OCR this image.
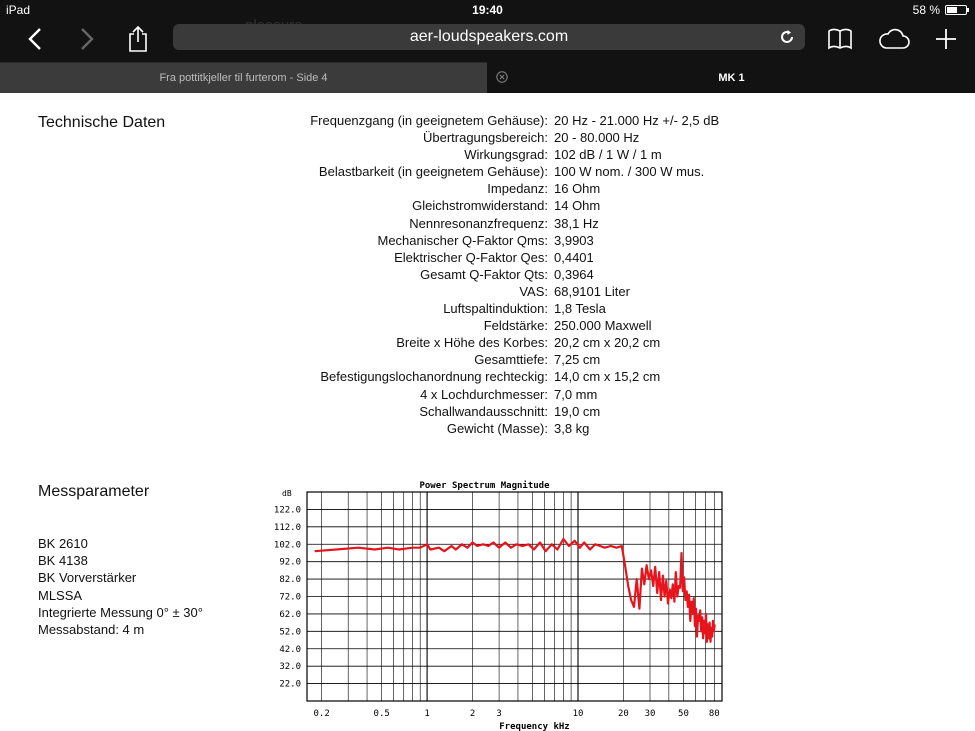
iPad	19:40	58 %
aer-loudspeakers.com
Fra pottitkjeller til furterom - Side 4	MK 1
Technische Daten	Frequenzgang (in geeignetem Gehäuse): 20 Hz - 21.000 Hz +/- 2,5 dB
Übertragungsbereich: 20 - 80.000 Hz
Wirkungsgrad: 102 dB / 1 W / 1 m
Belastbarkeit (in geeignetem Gehäuse): 100 W nom. / 300 W mus.
Impedanz: 16 Ohm
Gleichstromwiderstand: 14 Ohm
Nennresonanzfrequenz: 38,1 Hz
Mechanischer Q-Faktor Qms: 3,9903
Elektrischer Q-Faktor Qes: 0,4401
Gesamt Q-Faktor Qts: 0,3964
VAS: 68,9101 Liter
Luftspaltinduktion: 1,8 Tesla
Feldstärke: 250.000 Maxwell
Breite x Höhe des Korbes: 20,2 cm x 20,2 cm
Gesamttiefe: 7,25 cm
Befestigungslochanordnung rechteckig: 14,0 cm x 15,2 cm
4 x Lochdurchmesser: 7,0 mm
Schallwandausschnitt: 19,0 cm
Gewicht (Masse): 3,8 kg
Messparameter
BK 2610
BK 4138
BK Vorverstärker
MLSSA
Integrierte Messung 0° ± 30°
Messabstand: 4 m
122.0
112.0
102.0
92.0
82.0
72.0
62.0
52.0
42.0
32.0
22.0
0.2	0.5	1	2 3	10	20 30	50 80
Power Spectrum Magnitude
dB
Frequency kHz
